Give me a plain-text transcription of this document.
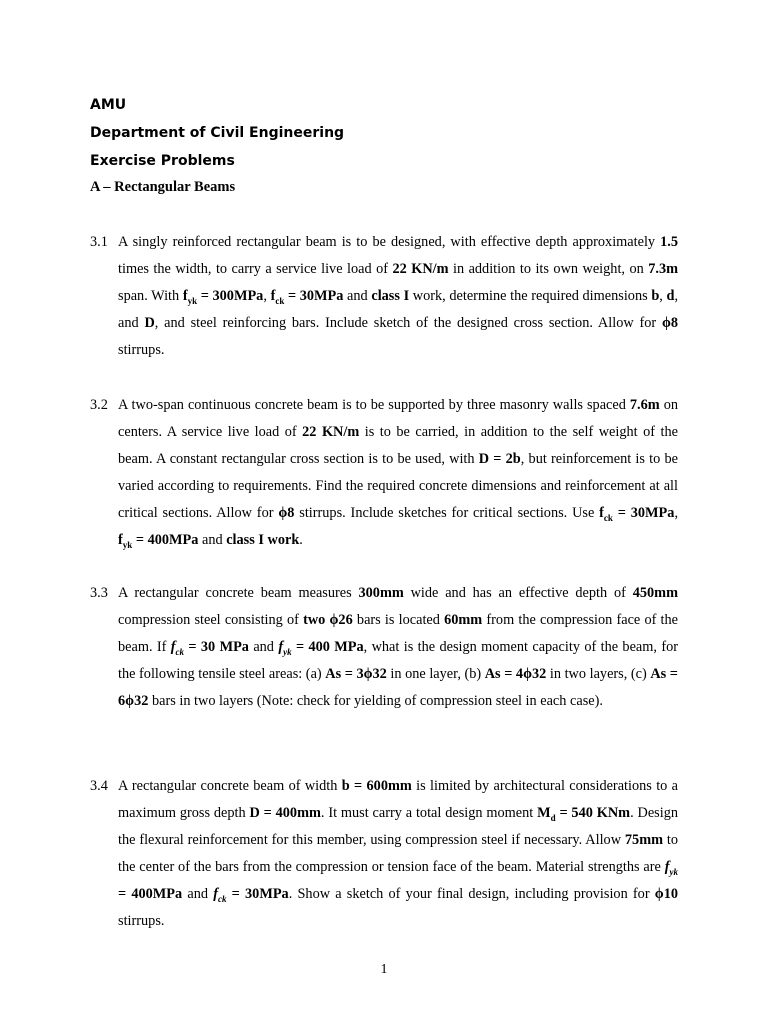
AMU
Department of Civil Engineering
Exercise Problems
A – Rectangular Beams
3.1 A singly reinforced rectangular beam is to be designed, with effective depth approximately 1.5 times the width, to carry a service live load of 22 KN/m in addition to its own weight, on 7.3m span. With $f_{yk} = 300MPa$, $f_{ck} = 30MPa$ and class I work, determine the required dimensions b, d, and D, and steel reinforcing bars. Include sketch of the designed cross section. Allow for ϕ8 stirrups.
3.2 A two-span continuous concrete beam is to be supported by three masonry walls spaced 7.6m on centers. A service live load of 22 KN/m is to be carried, in addition to the self weight of the beam. A constant rectangular cross section is to be used, with D = 2b, but reinforcement is to be varied according to requirements. Find the required concrete dimensions and reinforcement at all critical sections. Allow for ϕ8 stirrups. Include sketches for critical sections. Use $f_{ck} = 30MPa$, $f_{yk} = 400MPa$ and class I work.
3.3 A rectangular concrete beam measures 300mm wide and has an effective depth of 450mm compression steel consisting of two ϕ26 bars is located 60mm from the compression face of the beam. If $f_{ck} = 30$ MPa and $f_{yk} = 400$ MPa, what is the design moment capacity of the beam, for the following tensile steel areas: (a) As = 3ϕ32 in one layer, (b) As = 4ϕ32 in two layers, (c) As = 6ϕ32 bars in two layers (Note: check for yielding of compression steel in each case).
3.4 A rectangular concrete beam of width b = 600mm is limited by architectural considerations to a maximum gross depth D = 400mm. It must carry a total design moment $M_d = 540$ KNm. Design the flexural reinforcement for this member, using compression steel if necessary. Allow 75mm to the center of the bars from the compression or tension face of the beam. Material strengths are $f_{yk} = 400MPa$ and $f_{ck} = 30MPa$. Show a sketch of your final design, including provision for ϕ10 stirrups.
1
